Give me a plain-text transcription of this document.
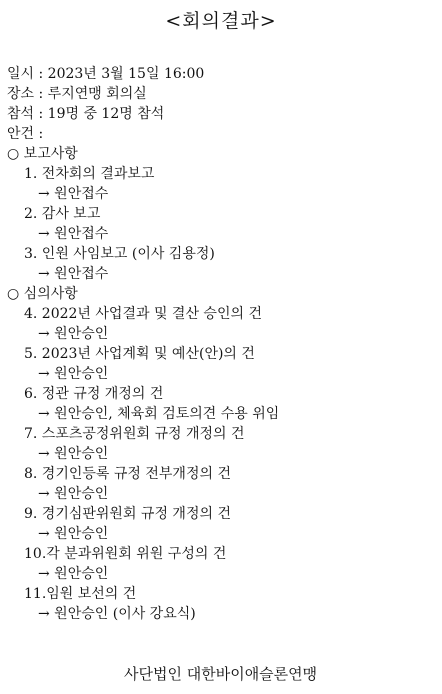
<회의결과>
일시 : 2023년 3월 15일 16:00
장소 : 루지연맹 회의실
참석 : 19명 중 12명 참석
안건 :
○ 보고사항
1. 전차회의 결과보고
→ 원안접수
2. 감사 보고
→ 원안접수
3. 인원 사임보고 (이사 김용정)
→ 원안접수
○ 심의사항
4. 2022년 사업결과 및 결산 승인의 건
→ 원안승인
5. 2023년 사업계획 및 예산(안)의 건
→ 원안승인
6. 정관 규정 개정의 건
→ 원안승인, 체육회 검토의견 수용 위임
7. 스포츠공정위원회 규정 개정의 건
→ 원안승인
8. 경기인등록 규정 전부개정의 건
→ 원안승인
9. 경기심판위원회 규정 개정의 건
→ 원안승인
10.각 분과위원회 위원 구성의 건
→ 원안승인
11.임원 보선의 건
→ 원안승인 (이사 강요식)
사단법인 대한바이애슬론연맹
